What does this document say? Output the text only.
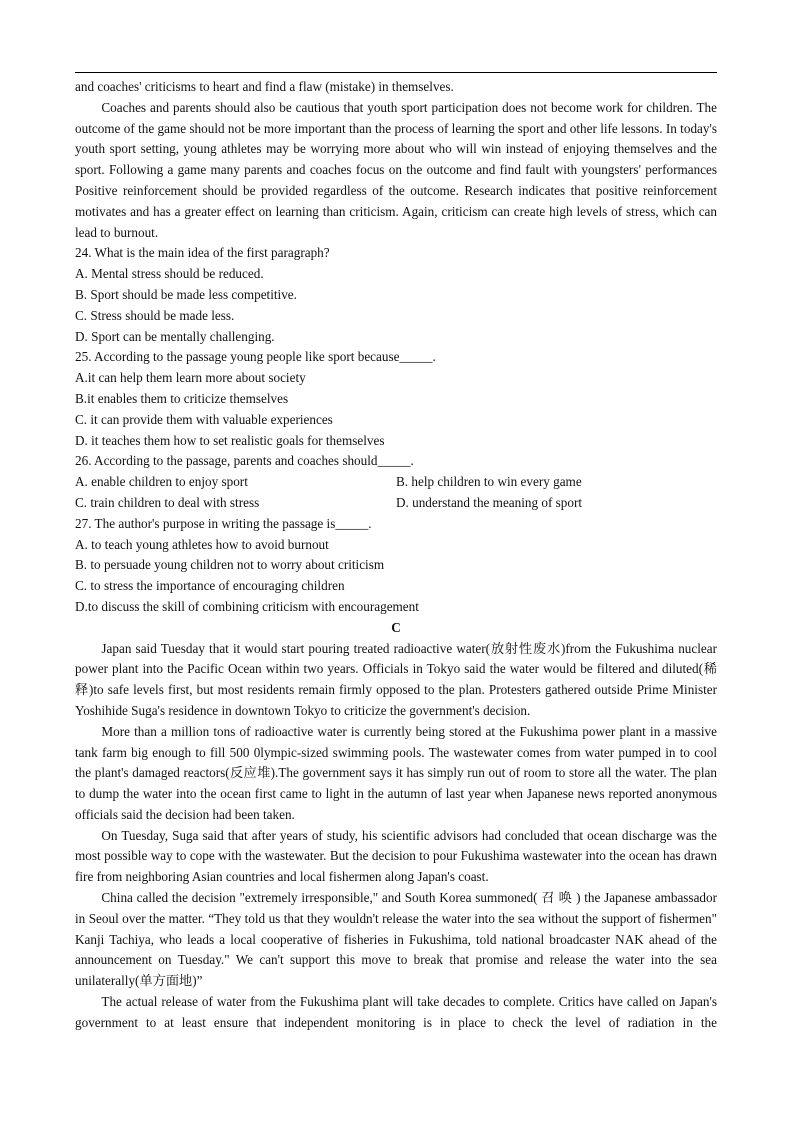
and coaches' criticisms to heart and find a flaw (mistake) in themselves.

Coaches and parents should also be cautious that youth sport participation does not become work for children. The outcome of the game should not be more important than the process of learning the sport and other life lessons. In today's youth sport setting, young athletes may be worrying more about who will win instead of enjoying themselves and the sport. Following a game many parents and coaches focus on the outcome and find fault with youngsters' performances Positive reinforcement should be provided regardless of the outcome. Research indicates that positive reinforcement motivates and has a greater effect on learning than criticism. Again, criticism can create high levels of stress, which can lead to burnout.

24. What is the main idea of the first paragraph?

A. Mental stress should be reduced.

B. Sport should be made less competitive.

C. Stress should be made less.

D. Sport can be mentally challenging.

25. According to the passage young people like sport because_____.

A.it can help them learn more about society

B.it enables them to criticize themselves

C. it can provide them with valuable experiences

D. it teaches them how to set realistic goals for themselves

26. According to the passage, parents and coaches should_____.

A. enable children to enjoy sport	B. help children to win every game

C. train children to deal with stress	D. understand the meaning of sport

27. The author's purpose in writing the passage is_____.

A. to teach young athletes how to avoid burnout

B. to persuade young children not to worry about criticism

C. to stress the importance of encouraging children

D.to discuss the skill of combining criticism with encouragement

C

Japan said Tuesday that it would start pouring treated radioactive water(放射性废水)from the Fukushima nuclear power plant into the Pacific Ocean within two years. Officials in Tokyo said the water would be filtered and diluted(稀释)to safe levels first, but most residents remain firmly opposed to the plan. Protesters gathered outside Prime Minister Yoshihide Suga's residence in downtown Tokyo to criticize the government's decision.

More than a million tons of radioactive water is currently being stored at the Fukushima power plant in a massive tank farm big enough to fill 500 0lympic-sized swimming pools. The wastewater comes from water pumped in to cool the plant's damaged reactors(反应堆).The government says it has simply run out of room to store all the water. The plan to dump the water into the ocean first came to light in the autumn of last year when Japanese news reported anonymous officials said the decision had been taken.

On Tuesday, Suga said that after years of study, his scientific advisors had concluded that ocean discharge was the most possible way to cope with the wastewater. But the decision to pour Fukushima wastewater into the ocean has drawn fire from neighboring Asian countries and local fishermen along Japan's coast.

China called the decision "extremely irresponsible," and South Korea summoned( 召 唤 ) the Japanese ambassador in Seoul over the matter. “They told us that they wouldn't release the water into the sea without the support of fishermen" Kanji Tachiya, who leads a local cooperative of fisheries in Fukushima, told national broadcaster NAK ahead of the announcement on Tuesday." We can't support this move to break that promise and release the water into the sea unilaterally(单方面地)”

The actual release of water from the Fukushima plant will take decades to complete. Critics have called on Japan's government to at least ensure that independent monitoring is in place to check the level of radiation in the
